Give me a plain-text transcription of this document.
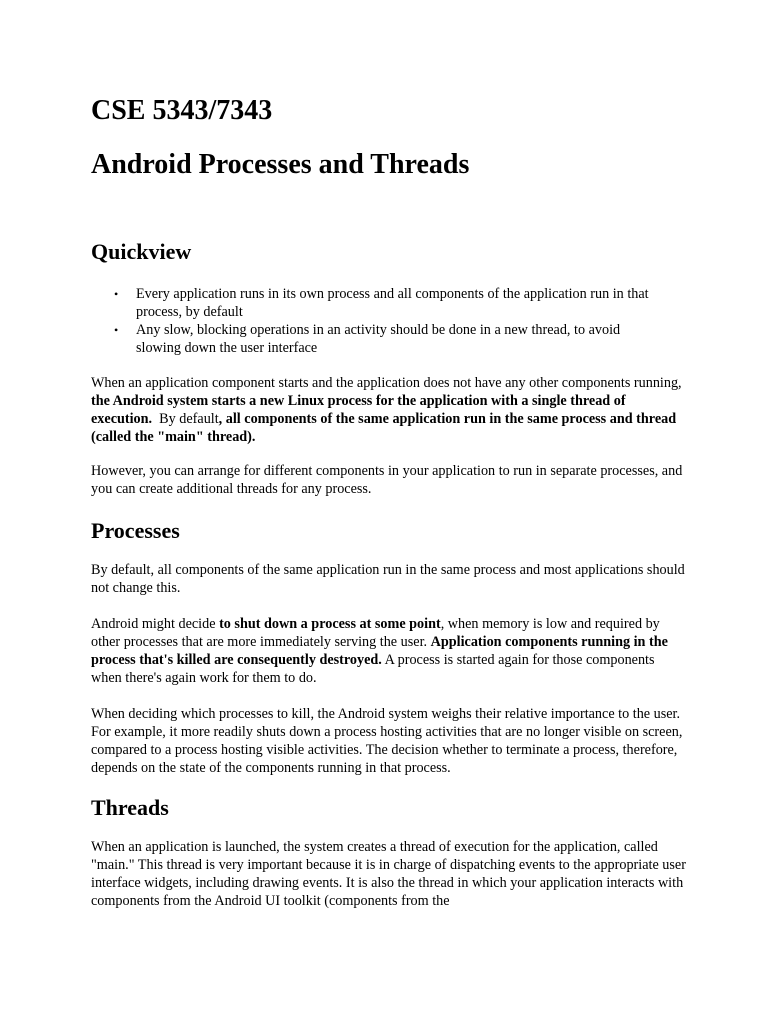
CSE 5343/7343
Android Processes and Threads
Quickview
• Every application runs in its own process and all components of the application run in that process, by default
• Any slow, blocking operations in an activity should be done in a new thread, to avoid slowing down the user interface

When an application component starts and the application does not have any other components running, the Android system starts a new Linux process for the application with a single thread of execution.  By default, all components of the same application run in the same process and thread (called the "main" thread).

However, you can arrange for different components in your application to run in separate processes, and you can create additional threads for any process.

Processes

By default, all components of the same application run in the same process and most applications should not change this.

Android might decide to shut down a process at some point, when memory is low and required by other processes that are more immediately serving the user. Application components running in the process that's killed are consequently destroyed. A process is started again for those components when there's again work for them to do.

When deciding which processes to kill, the Android system weighs their relative importance to the user. For example, it more readily shuts down a process hosting activities that are no longer visible on screen, compared to a process hosting visible activities. The decision whether to terminate a process, therefore, depends on the state of the components running in that process.

Threads

When an application is launched, the system creates a thread of execution for the application, called "main." This thread is very important because it is in charge of dispatching events to the appropriate user interface widgets, including drawing events. It is also the thread in which your application interacts with components from the Android UI toolkit (components from the
